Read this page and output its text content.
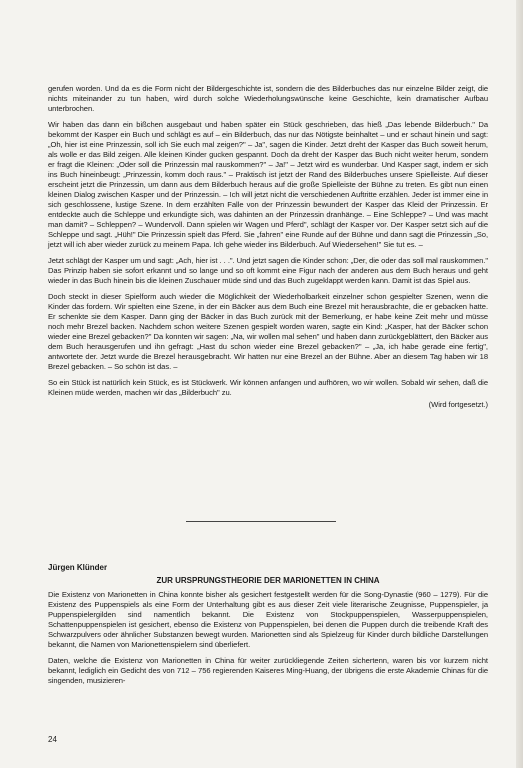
gerufen worden. Und da es die Form nicht der Bildergeschichte ist, sondern die des Bilderbuches das nur einzelne Bilder zeigt, die nichts miteinander zu tun haben, wird durch solche Wiederholungswünsche keine Geschichte, kein dramatischer Aufbau unterbrochen.

Wir haben das dann ein bißchen ausgebaut und haben später ein Stück geschrieben, das hieß „Das lebende Bilderbuch." Da bekommt der Kasper ein Buch und schlägt es auf – ein Bilderbuch, das nur das Nötigste beinhaltet – und er schaut hinein und sagt: „Oh, hier ist eine Prinzessin, soll ich Sie euch mal zeigen?" – Ja", sagen die Kinder. Jetzt dreht der Kasper das Buch soweit herum, als wolle er das Bild zeigen. Alle kleinen Kinder gucken gespannt. Doch da dreht der Kasper das Buch nicht weiter herum, sondern er fragt die Kleinen: „Oder soll die Prinzessin mal rauskommen?" – Ja!" – Jetzt wird es wunderbar. Und Kasper sagt, indem er sich ins Buch hineinbeugt: „Prinzessin, komm doch raus." – Praktisch ist jetzt der Rand des Bilderbuches unsere Spielleiste. Auf dieser erscheint jetzt die Prinzessin, um dann aus dem Bilderbuch heraus auf die große Spielleiste der Bühne zu treten. Es gibt nun einen kleinen Dialog zwischen Kasper und der Prinzessin. – Ich will jetzt nicht die verschiedenen Auftritte erzählen. Jeder ist immer eine in sich geschlossene, lustige Szene. In dem erzählten Falle von der Prinzessin bewundert der Kasper das Kleid der Prinzessin. Er entdeckte auch die Schleppe und erkundigte sich, was dahinten an der Prinzessin dranhänge. – Eine Schleppe? – Und was macht man damit? – Schleppen? – Wundervoll. Dann spielen wir Wagen und Pferd", schlägt der Kasper vor. Der Kasper setzt sich auf die Schleppe und sagt. „Hüh!" Die Prinzessin spielt das Pferd. Sie „fahren" eine Runde auf der Bühne und dann sagt die Prinzessin „So, jetzt will ich aber wieder zurück zu meinem Papa. Ich gehe wieder ins Bilderbuch. Auf Wiedersehen!" Sie tut es. –

Jetzt schlägt der Kasper um und sagt: „Ach, hier ist . . .". Und jetzt sagen die Kinder schon: „Der, die oder das soll mal rauskommen." Das Prinzip haben sie sofort erkannt und so lange und so oft kommt eine Figur nach der anderen aus dem Buch heraus und geht wieder in das Buch hinein bis die kleinen Zuschauer müde sind und das Buch zugeklappt werden kann. Damit ist das Spiel aus.

Doch steckt in dieser Spielform auch wieder die Möglichkeit der Wiederholbarkeit einzelner schon gespielter Szenen, wenn die Kinder das fordern. Wir spielten eine Szene, in der ein Bäcker aus dem Buch eine Brezel mit herausbrachte, die er gebacken hatte. Er schenkte sie dem Kasper. Dann ging der Bäcker in das Buch zurück mit der Bemerkung, er habe keine Zeit mehr und müsse noch mehr Brezel backen. Nachdem schon weitere Szenen gespielt worden waren, sagte ein Kind: „Kasper, hat der Bäcker schon wieder eine Brezel gebacken?" Da konnten wir sagen: „Na, wir wollen mal sehen" und haben dann zurückgeblättert, den Bäcker aus dem Buch herausgerufen und ihn gefragt: „Hast du schon wieder eine Brezel gebacken?" – „Ja, ich habe gerade eine fertig", antwortete der. Jetzt wurde die Brezel herausgebracht. Wir hatten nur eine Brezel an der Bühne. Aber an diesem Tag haben wir 18 Brezel gebacken. – So schön ist das. –

So ein Stück ist natürlich kein Stück, es ist Stückwerk. Wir können anfangen und aufhören, wo wir wollen. Sobald wir sehen, daß die Kleinen müde werden, machen wir das „Bilderbuch" zu.

(Wird fortgesetzt.)
Jürgen Klünder
ZUR URSPRUNGSTHEORIE DER MARIONETTEN IN CHINA

Die Existenz von Marionetten in China konnte bisher als gesichert festgestellt werden für die Song-Dynastie (960 – 1279). Für die Existenz des Puppenspiels als eine Form der Unterhaltung gibt es aus dieser Zeit viele literarische Zeugnisse, Puppenspieler, ja Puppenspielergilden sind namentlich bekannt. Die Existenz von Stockpuppenspielen, Wasserpuppenspielen, Schattenpuppenspielen ist gesichert, ebenso die Existenz von Puppenspielen, bei denen die Puppen durch die treibende Kraft des Schwarzpulvers oder ähnlicher Substanzen bewegt wurden. Marionetten sind als Spielzeug für Kinder durch bildliche Darstellungen bekannt, die Namen von Marionettenspielern sind überliefert.

Daten, welche die Existenz von Marionetten in China für weiter zurückliegende Zeiten sichertenn, waren bis vor kurzem nicht bekannt, lediglich ein Gedicht des von 712 – 756 regierenden Kaiseres Ming-Huang, der übrigens die erste Akademie Chinas für die singenden, musizieren-

24
